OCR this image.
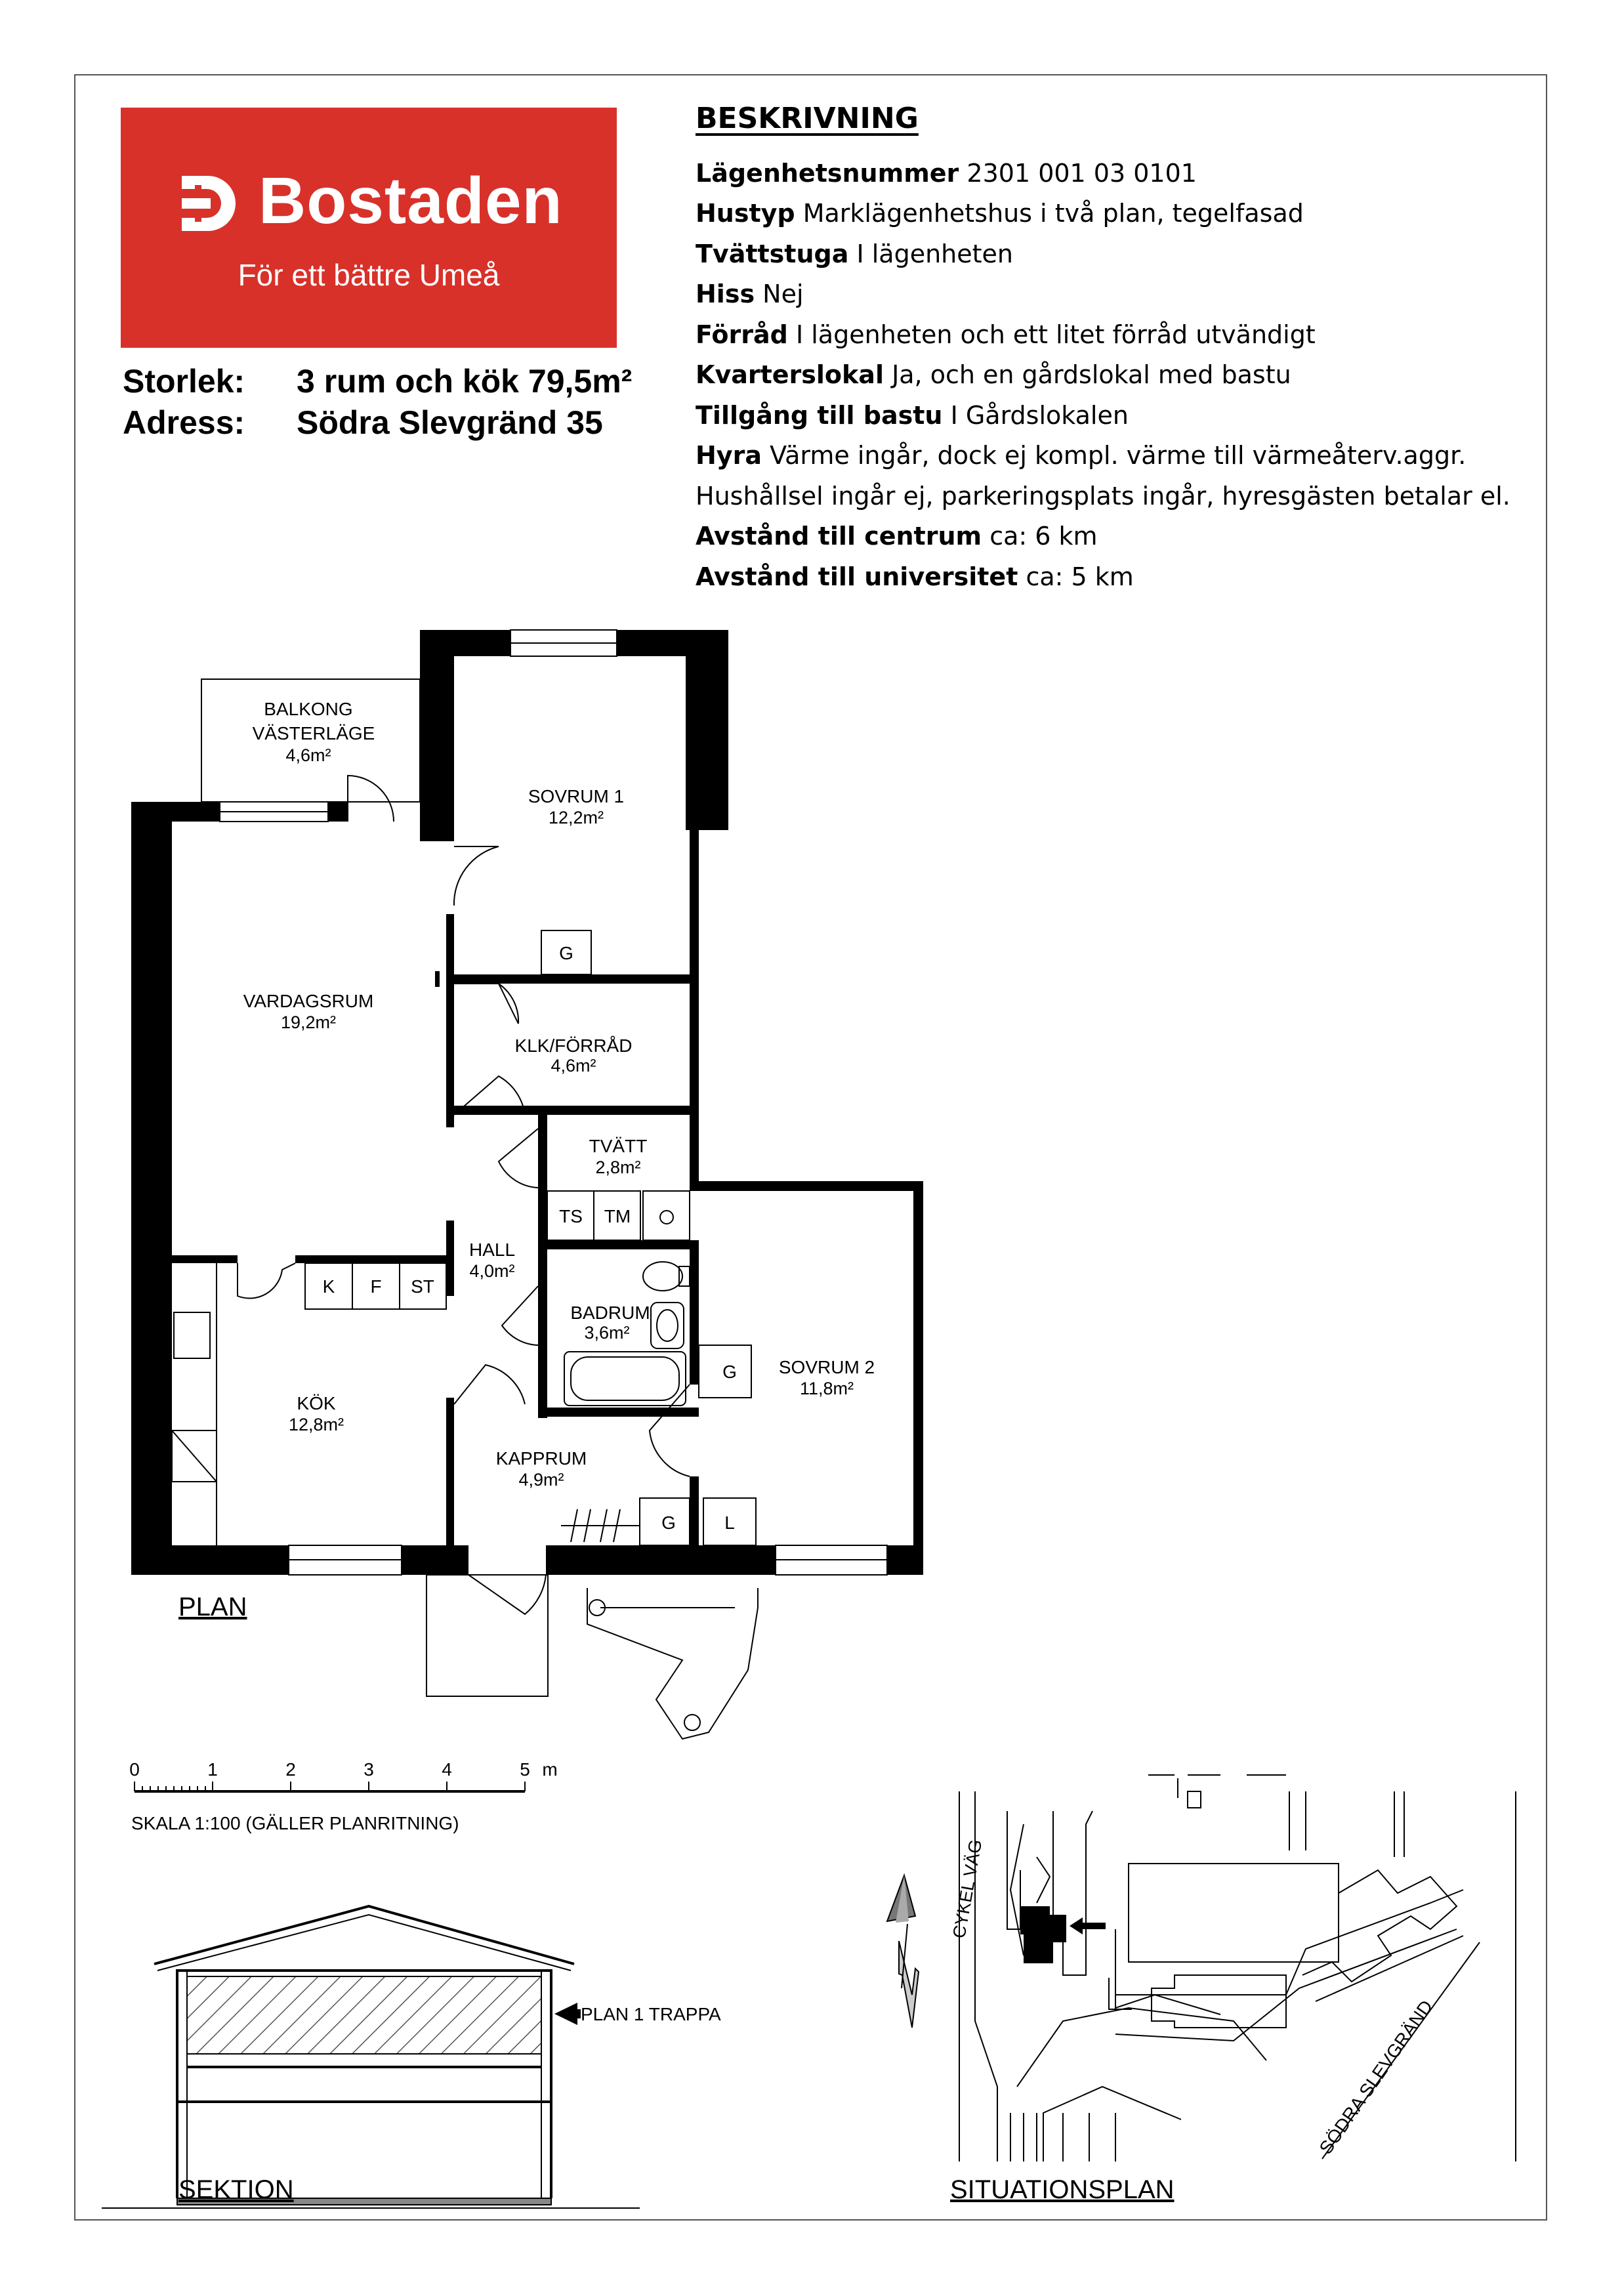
Bostaden
För ett bättre Umeå
Storlek: 3 rum och kök 79,5m²
Adress: Södra Slevgränd 35
BESKRIVNING
Lägenhetsnummer 2301 001 03 0101
Hustyp Marklägenhetshus i två plan, tegelfasad
Tvättstuga I lägenheten
Hiss Nej
Förråd I lägenheten och ett litet förråd utvändigt
Kvarterslokal Ja, och en gårdslokal med bastu
Tillgång till bastu I Gårdslokalen
Hyra Värme ingår, dock ej kompl. värme till värmeåterv.aggr.
Hushållsel ingår ej, parkeringsplats ingår, hyresgästen betalar el.
Avstånd till centrum ca: 6 km
Avstånd till universitet ca: 5 km
BALKONG
VÄSTERLÄGE
4,6m²
SOVRUM 1
12,2m²
VARDAGSRUM
19,2m²
KLK/FÖRRÅD
4,6m²
TVÄTT
2,8m²
HALL
4,0m²
BADRUM
3,6m²
SOVRUM 2
11,8m²
KÖK
12,8m²
KAPPRUM
4,9m²
G
TS TM
K F ST
G
G	L
PLAN
0	1	2	3	4	5 m
SKALA 1:100 (GÄLLER PLANRITNING)
PLAN 1 TRAPPA
SEKTION
CYKEL VÄG
SÖDRA SLEVGRÄND
SITUATIONSPLAN
